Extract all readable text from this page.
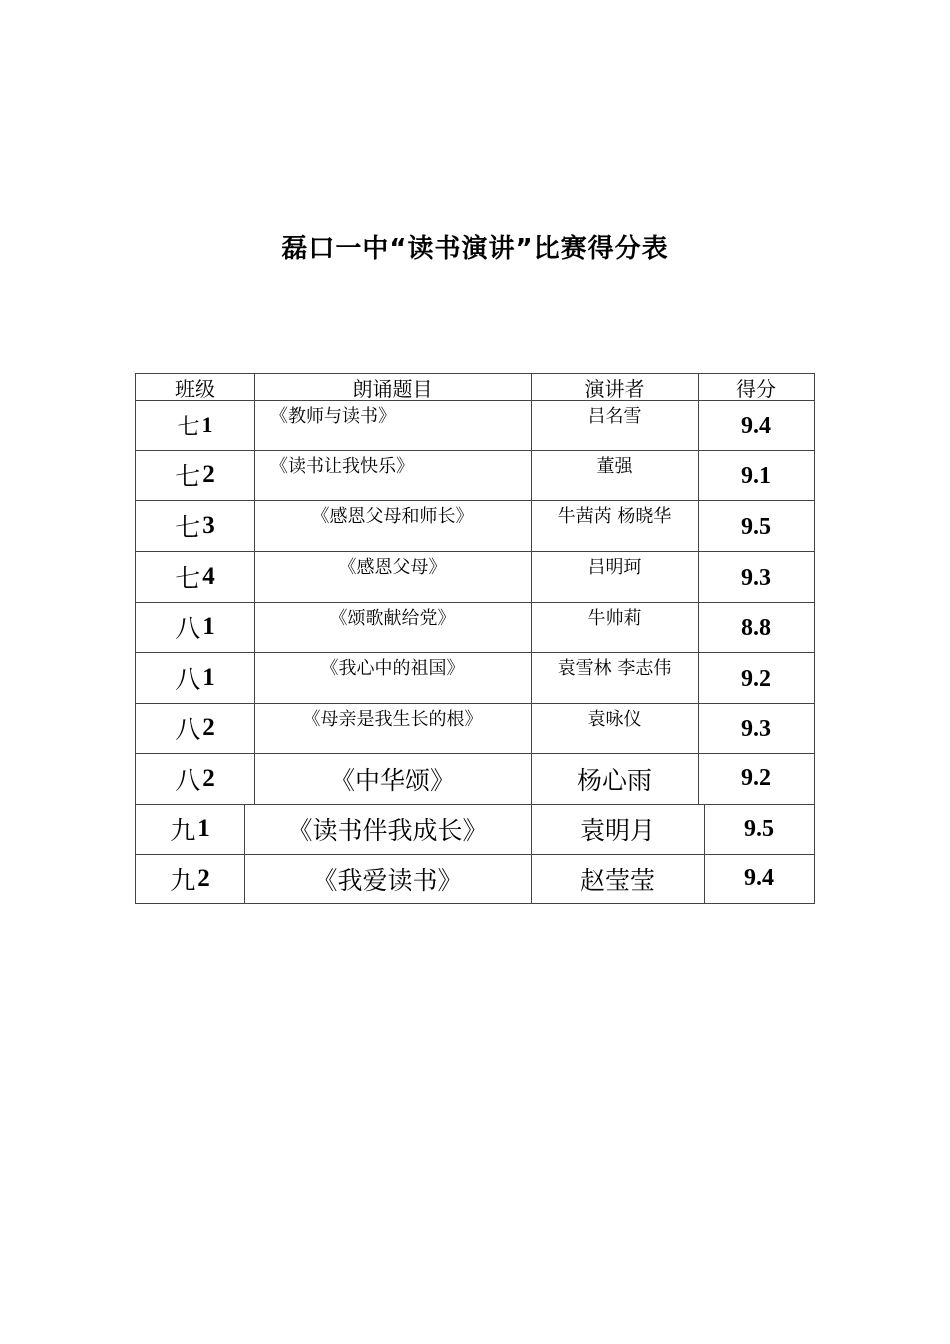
磊口一中“读书演讲”比赛得分表
班级	朗诵题目	演讲者	得分
七 1	《教师与读书》	吕名雪	9.4
七 2	《读书让我快乐》	董强	9.1
七 3	《感恩父母和师长》	牛茜芮 杨晓华	9.5
七 4	《感恩父母》	吕明珂	9.3
八 1	《颂歌献给党》	牛帅莉	8.8
八 1	《我心中的祖国》	袁雪林 李志伟	9.2
八 2	《母亲是我生长的根》	袁咏仪	9.3
八 2	《中华颂》	杨心雨	9.2
九 1	《读书伴我成长》	袁明月	9.5
九 2	《我爱读书》	赵莹莹	9.4
